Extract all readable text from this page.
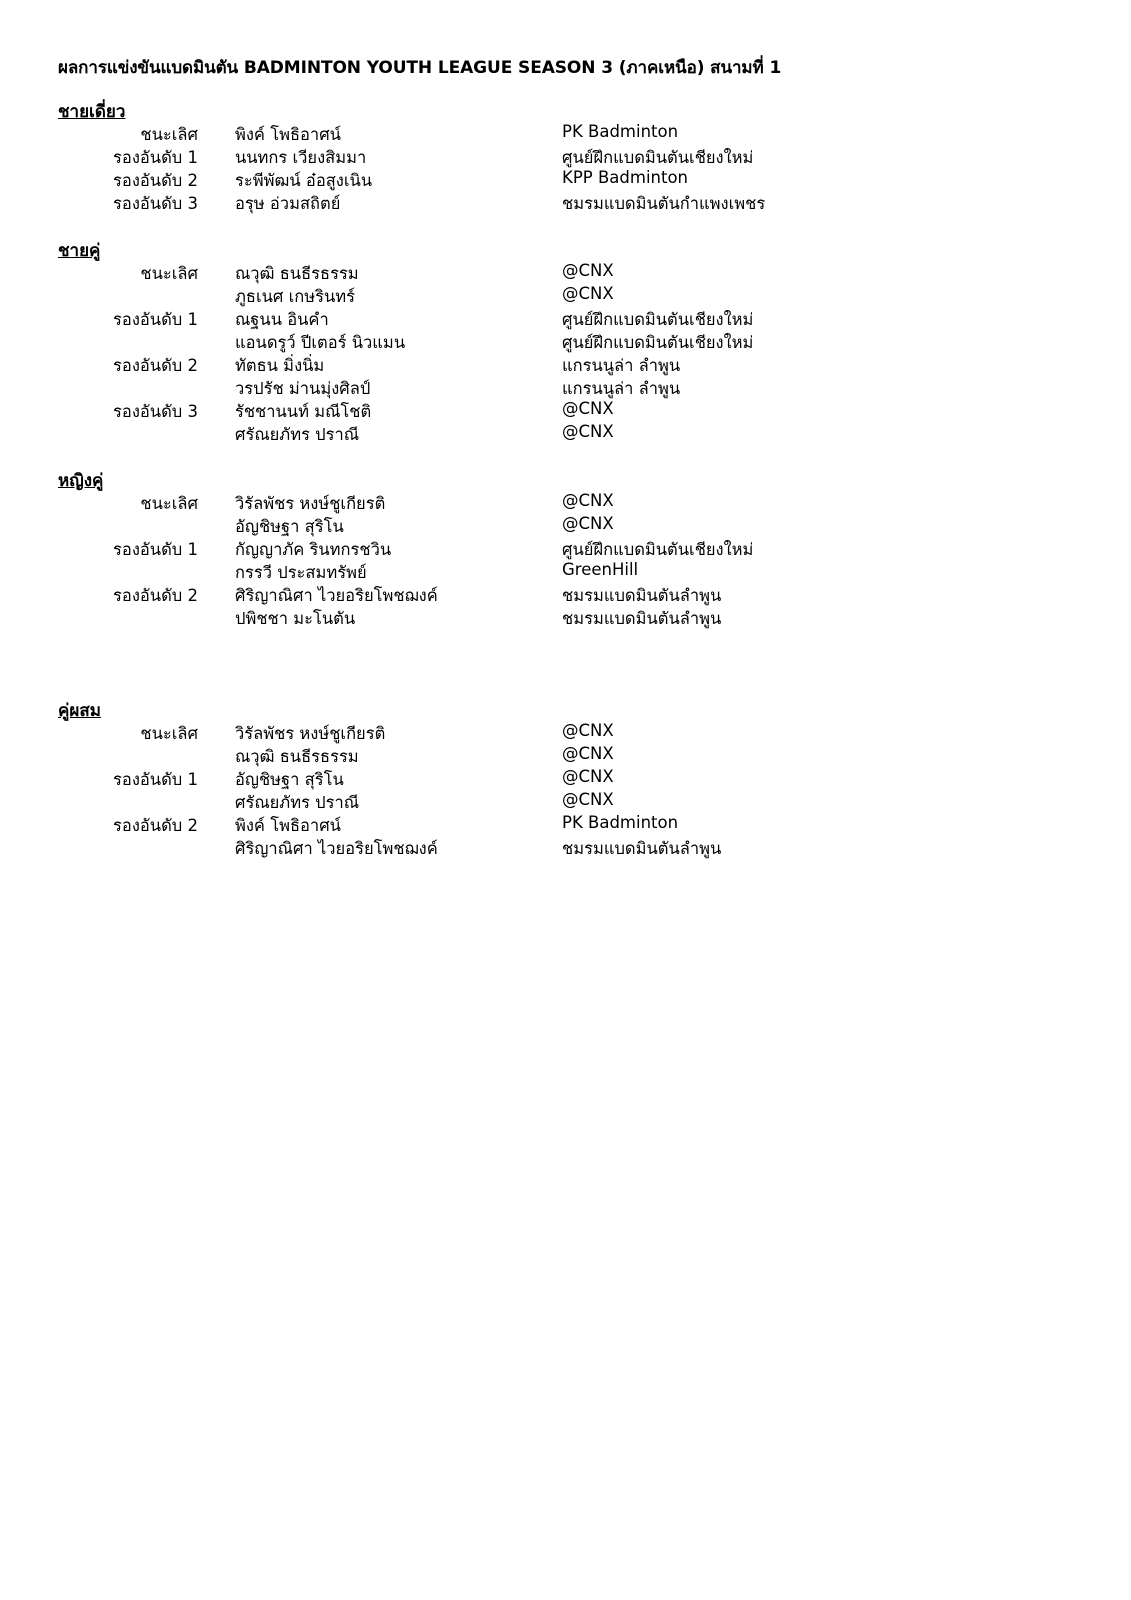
ผลการแข่งขันแบดมินตัน BADMINTON YOUTH LEAGUE SEASON 3 (ภาคเหนือ) สนามที่ 1
ชายเดี่ยว
ชนะเลิศ พิงค์ โพธิอาศน์	PK Badminton
รองอันดับ 1 นนทกร เวียงสิมมา	ศูนย์ฝึกแบดมินตันเชียงใหม่
รองอันดับ 2 ระพีพัฒน์ อ๋อสูงเนิน	KPP Badminton
รองอันดับ 3 อรุษ อ่วมสถิตย์	ชมรมแบดมินตันกำแพงเพชร
ชายคู่
ชนะเลิศ ณวุฒิ ธนธีรธรรม	@CNX
ภูธเนศ เกษรินทร์	@CNX
รองอันดับ 1 ณฐนน อินคำ	ศูนย์ฝึกแบดมินตันเชียงใหม่
แอนดรูว์ ปีเตอร์ นิวแมน	ศูนย์ฝึกแบดมินตันเชียงใหม่
รองอันดับ 2 ทัตธน มิ่งนิ่ม	แกรนนูล่า ลำพูน
วรปรัช ม่านมุ่งศิลป์	แกรนนูล่า ลำพูน
รองอันดับ 3 รัชชานนท์ มณีโชติ	@CNX
ศรัณยภัทร ปราณี	@CNX
หญิงคู่
ชนะเลิศ วิรัลพัชร หงษ์ชูเกียรติ	@CNX
อัญชิษฐา สุริโน	@CNX
รองอันดับ 1 กัญญาภัค รินทกรชวิน	ศูนย์ฝึกแบดมินตันเชียงใหม่
กรรวี ประสมทรัพย์	GreenHill
รองอันดับ 2 ศิริญาณิศา ไวยอริยโพชฌงค์	ชมรมแบดมินตันลำพูน
ปพิชชา มะโนตัน	ชมรมแบดมินตันลำพูน
คู่ผสม
ชนะเลิศ วิรัลพัชร หงษ์ชูเกียรติ	@CNX
ณวุฒิ ธนธีรธรรม	@CNX
รองอันดับ 1 อัญชิษฐา สุริโน	@CNX
ศรัณยภัทร ปราณี	@CNX
รองอันดับ 2 พิงค์ โพธิอาศน์	PK Badminton
ศิริญาณิศา ไวยอริยโพชฌงค์	ชมรมแบดมินตันลำพูน
